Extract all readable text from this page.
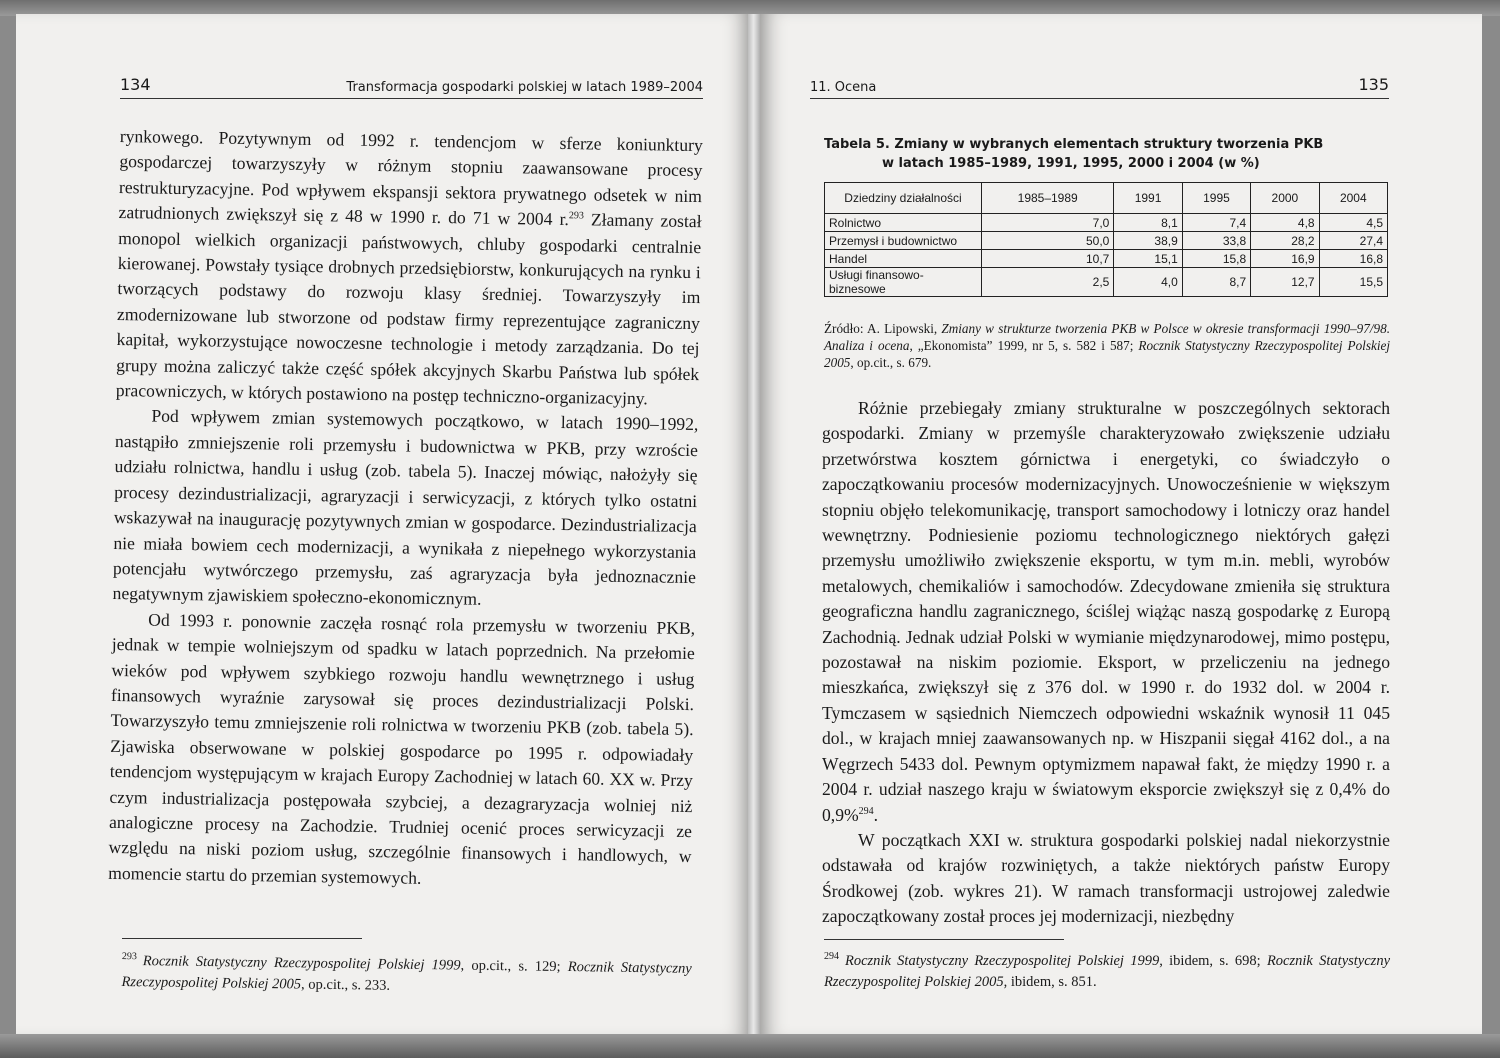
134	Transformacja gospodarki polskiej w latach 1989–2004

rynkowego. Pozytywnym od 1992 r. tendencjom w sferze koniunktury gospodarczej towarzyszyły w różnym stopniu zaawansowane procesy restrukturyzacyjne. Pod wpływem ekspansji sektora prywatnego odsetek w nim zatrudnionych zwiększył się z 48 w 1990 r. do 71 w 2004 r.$^{293}$ Złamany został monopol wielkich organizacji państwowych, chluby gospodarki centralnie kierowanej. Powstały tysiące drobnych przedsiębiorstw, konkurujących na rynku i tworzących podstawy do rozwoju klasy średniej. Towarzyszyły im zmodernizowane lub stworzone od podstaw firmy reprezentujące zagraniczny kapitał, wykorzystujące nowoczesne technologie i metody zarządzania. Do tej grupy można zaliczyć także część spółek akcyjnych Skarbu Państwa lub spółek pracowniczych, w których postawiono na postęp techniczno-organizacyjny.

Pod wpływem zmian systemowych początkowo, w latach 1990–1992, nastąpiło zmniejszenie roli przemysłu i budownictwa w PKB, przy wzroście udziału rolnictwa, handlu i usług (zob. tabela 5). Inaczej mówiąc, nałożyły się procesy dezindustrializacji, agraryzacji i serwicyzacji, z których tylko ostatni wskazywał na inaugurację pozytywnych zmian w gospodarce. Dezindustrializacja nie miała bowiem cech modernizacji, a wynikała z niepełnego wykorzystania potencjału wytwórczego przemysłu, zaś agraryzacja była jednoznacznie negatywnym zjawiskiem społeczno-ekonomicznym.

Od 1993 r. ponownie zaczęła rosnąć rola przemysłu w tworzeniu PKB, jednak w tempie wolniejszym od spadku w latach poprzednich. Na przełomie wieków pod wpływem szybkiego rozwoju handlu wewnętrznego i usług finansowych wyraźnie zarysował się proces dezindustrializacji Polski. Towarzyszyło temu zmniejszenie roli rolnictwa w tworzeniu PKB (zob. tabela 5). Zjawiska obserwowane w polskiej gospodarce po 1995 r. odpowiadały tendencjom występującym w krajach Europy Zachodniej w latach 60. XX w. Przy czym industrializacja postępowała szybciej, a dezagraryzacja wolniej niż analogiczne procesy na Zachodzie. Trudniej ocenić proces serwicyzacji ze względu na niski poziom usług, szczególnie finansowych i handlowych, w momencie startu do przemian systemowych.

$^{293}$ Rocznik Statystyczny Rzeczypospolitej Polskiej 1999, op.cit., s. 129; Rocznik Statystyczny Rzeczypospolitej Polskiej 2005, op.cit., s. 233.

11. Ocena	135
Tabela 5. Zmiany w wybranych elementach struktury tworzenia PKB
w latach 1985–1989, 1991, 1995, 2000 i 2004 (w %)
Dziedziny działalności	1985–1989	1991	1995	2000	2004
Rolnictwo	7,0	8,1	7,4	4,8	4,5
Przemysł i budownictwo	50,0	38,9	33,8	28,2	27,4
Handel	10,7	15,1	15,8	16,9	16,8
Usługi finansowo-biznesowe	2,5	4,0	8,7	12,7	15,5

Źródło: A. Lipowski, Zmiany w strukturze tworzenia PKB w Polsce w okresie transformacji 1990–97/98. Analiza i ocena, „Ekonomista” 1999, nr 5, s. 582 i 587; Rocznik Statystyczny Rzeczypospolitej Polskiej 2005, op.cit., s. 679.

Różnie przebiegały zmiany strukturalne w poszczególnych sektorach gospodarki. Zmiany w przemyśle charakteryzowało zwiększenie udziału przetwórstwa kosztem górnictwa i energetyki, co świadczyło o zapoczątkowaniu procesów modernizacyjnych. Unowocześnienie w większym stopniu objęło telekomunikację, transport samochodowy i lotniczy oraz handel wewnętrzny. Podniesienie poziomu technologicznego niektórych gałęzi przemysłu umożliwiło zwiększenie eksportu, w tym m.in. mebli, wyrobów metalowych, chemikaliów i samochodów. Zdecydowane zmieniła się struktura geograficzna handlu zagranicznego, ściślej wiążąc naszą gospodarkę z Europą Zachodnią. Jednak udział Polski w wymianie międzynarodowej, mimo postępu, pozostawał na niskim poziomie. Eksport, w przeliczeniu na jednego mieszkańca, zwiększył się z 376 dol. w 1990 r. do 1932 dol. w 2004 r. Tymczasem w sąsiednich Niemczech odpowiedni wskaźnik wynosił 11 045 dol., w krajach mniej zaawansowanych np. w Hiszpanii sięgał 4162 dol., a na Węgrzech 5433 dol. Pewnym optymizmem napawał fakt, że między 1990 r. a 2004 r. udział naszego kraju w światowym eksporcie zwiększył się z 0,4% do 0,9%$^{294}$.

W początkach XXI w. struktura gospodarki polskiej nadal niekorzystnie odstawała od krajów rozwiniętych, a także niektórych państw Europy Środkowej (zob. wykres 21). W ramach transformacji ustrojowej zaledwie zapoczątkowany został proces jej modernizacji, niezbędny

$^{294}$ Rocznik Statystyczny Rzeczypospolitej Polskiej 1999, ibidem, s. 698; Rocznik Statystyczny Rzeczypospolitej Polskiej 2005, ibidem, s. 851.
